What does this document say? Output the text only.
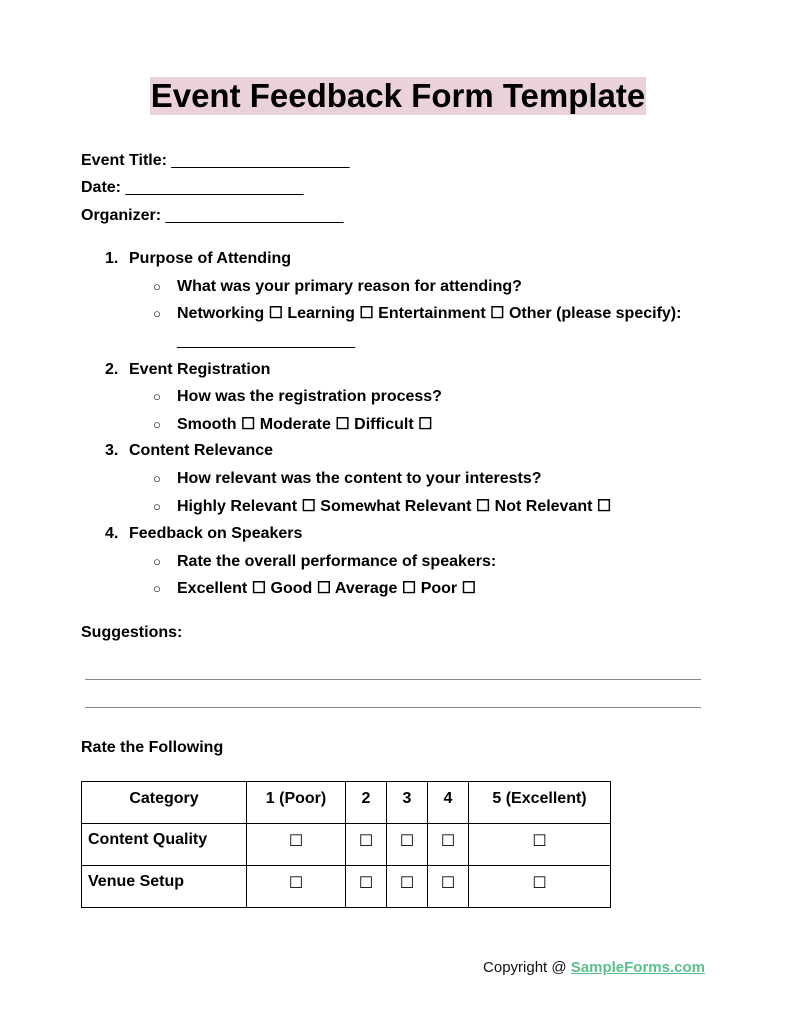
Event Feedback Form Template
Event Title: ____________________
Date: ____________________
Organizer: ____________________
1. Purpose of Attending
○ What was your primary reason for attending?
○ Networking ☐ Learning ☐ Entertainment ☐ Other (please specify):
____________________
2. Event Registration
○ How was the registration process?
○ Smooth ☐ Moderate ☐ Difficult ☐
3. Content Relevance
○ How relevant was the content to your interests?
○ Highly Relevant ☐ Somewhat Relevant ☐ Not Relevant ☐
4. Feedback on Speakers
○ Rate the overall performance of speakers:
○ Excellent ☐ Good ☐ Average ☐ Poor ☐
Suggestions:
Rate the Following
Category	1 (Poor)	2	3	4	5 (Excellent)
Content Quality	☐	☐	☐	☐	☐
Venue Setup	☐	☐	☐	☐	☐
Copyright @ SampleForms.com
